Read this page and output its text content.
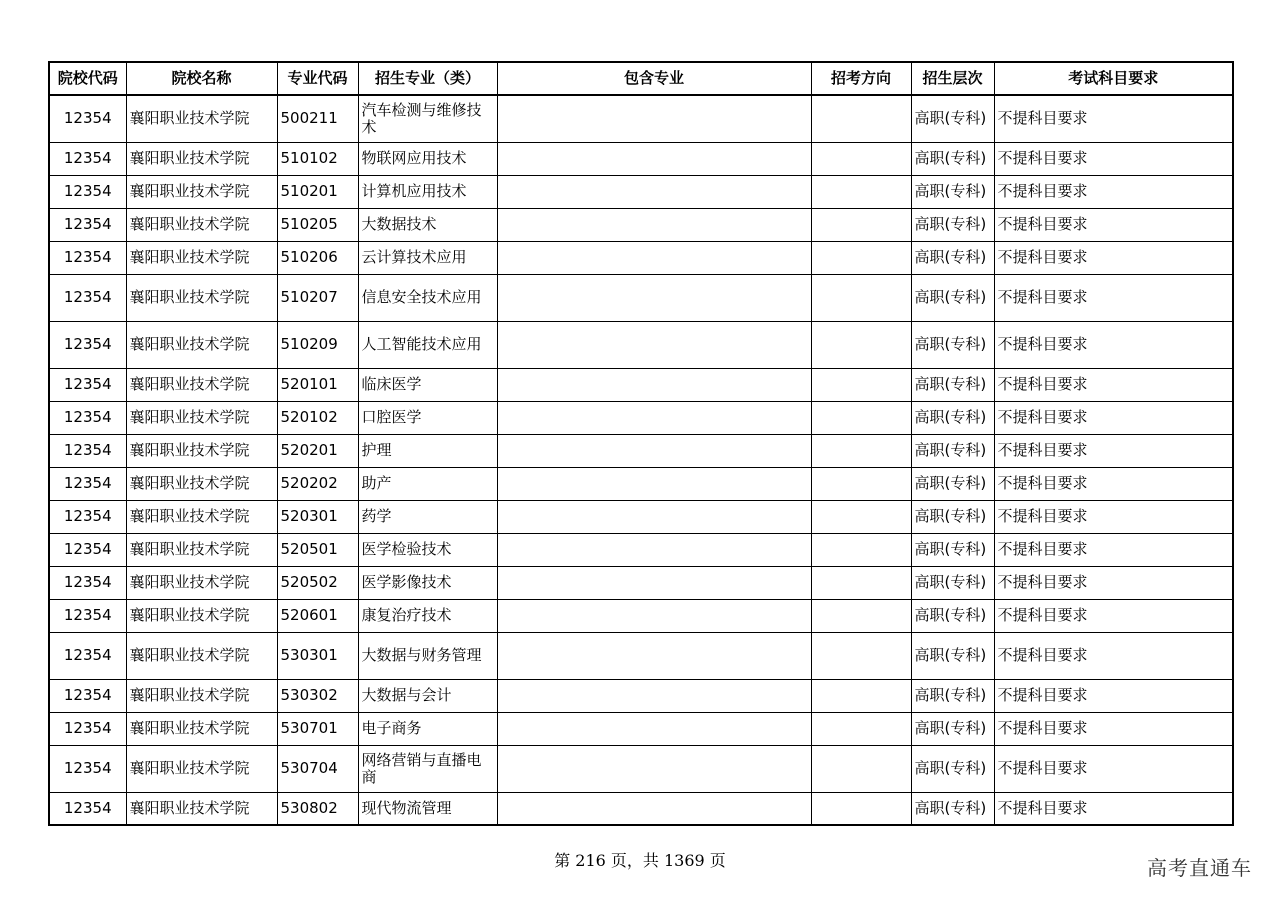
院校代码	院校名称	专业代码	招生专业（类）	包含专业	招考方向	招生层次	考试科目要求
12354	襄阳职业技术学院	500211	汽车检测与维修技术			高职(专科)	不提科目要求
12354	襄阳职业技术学院	510102	物联网应用技术			高职(专科)	不提科目要求
12354	襄阳职业技术学院	510201	计算机应用技术			高职(专科)	不提科目要求
12354	襄阳职业技术学院	510205	大数据技术			高职(专科)	不提科目要求
12354	襄阳职业技术学院	510206	云计算技术应用			高职(专科)	不提科目要求
12354	襄阳职业技术学院	510207	信息安全技术应用			高职(专科)	不提科目要求
12354	襄阳职业技术学院	510209	人工智能技术应用			高职(专科)	不提科目要求
12354	襄阳职业技术学院	520101	临床医学			高职(专科)	不提科目要求
12354	襄阳职业技术学院	520102	口腔医学			高职(专科)	不提科目要求
12354	襄阳职业技术学院	520201	护理			高职(专科)	不提科目要求
12354	襄阳职业技术学院	520202	助产			高职(专科)	不提科目要求
12354	襄阳职业技术学院	520301	药学			高职(专科)	不提科目要求
12354	襄阳职业技术学院	520501	医学检验技术			高职(专科)	不提科目要求
12354	襄阳职业技术学院	520502	医学影像技术			高职(专科)	不提科目要求
12354	襄阳职业技术学院	520601	康复治疗技术			高职(专科)	不提科目要求
12354	襄阳职业技术学院	530301	大数据与财务管理			高职(专科)	不提科目要求
12354	襄阳职业技术学院	530302	大数据与会计			高职(专科)	不提科目要求
12354	襄阳职业技术学院	530701	电子商务			高职(专科)	不提科目要求
12354	襄阳职业技术学院	530704	网络营销与直播电商			高职(专科)	不提科目要求
12354	襄阳职业技术学院	530802	现代物流管理			高职(专科)	不提科目要求
第 216 页，共 1369 页	高考直通车
